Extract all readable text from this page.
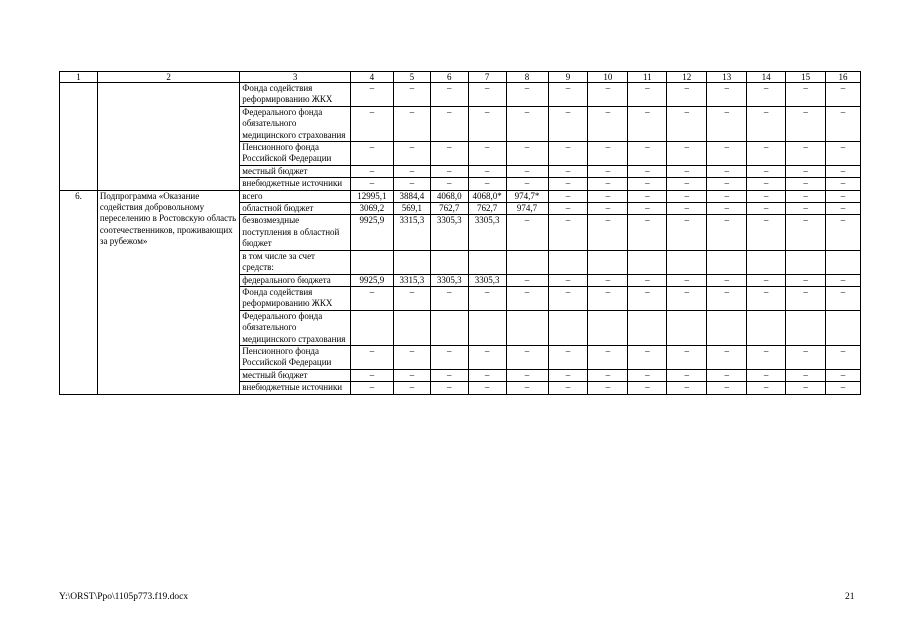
1	2	3	4	5	6	7	8	9	10	11	12	13	14	15	16
		Фонда содействия реформированию ЖКХ	–	–	–	–	–	–	–	–	–	–	–	–	–
		Федерального фонда обязательного медицинского страхования	–	–	–	–	–	–	–	–	–	–	–	–	–
		Пенсионного фонда Российской Федерации	–	–	–	–	–	–	–	–	–	–	–	–	–
		местный бюджет	–	–	–	–	–	–	–	–	–	–	–	–	–
		внебюджетные источники	–	–	–	–	–	–	–	–	–	–	–	–	–
6.	Подпрограмма «Оказание содействия добровольному переселению в Ростовскую область соотечественников, проживающих за рубежом»	всего	12995,1	3884,4	4068,0	4068,0*	974,7*	–	–	–	–	–	–	–	–
		областной бюджет	3069,2	569,1	762,7	762,7	974,7	–	–	–	–	–	–	–	–
		безвозмездные поступления в областной бюджет	9925,9	3315,3	3305,3	3305,3	–	–	–	–	–	–	–	–	–
		в том числе за счет средств:													
		федерального бюджета	9925,9	3315,3	3305,3	3305,3	–	–	–	–	–	–	–	–	–
		Фонда содействия реформированию ЖКХ	–	–	–	–	–	–	–	–	–	–	–	–	–
		Федерального фонда обязательного медицинского страхования													
		Пенсионного фонда Российской Федерации	–	–	–	–	–	–	–	–	–	–	–	–	–
		местный бюджет	–	–	–	–	–	–	–	–	–	–	–	–	–
		внебюджетные источники	–	–	–	–	–	–	–	–	–	–	–	–	–
Y:\ORST\Ppo\1105p773.f19.docx	21
